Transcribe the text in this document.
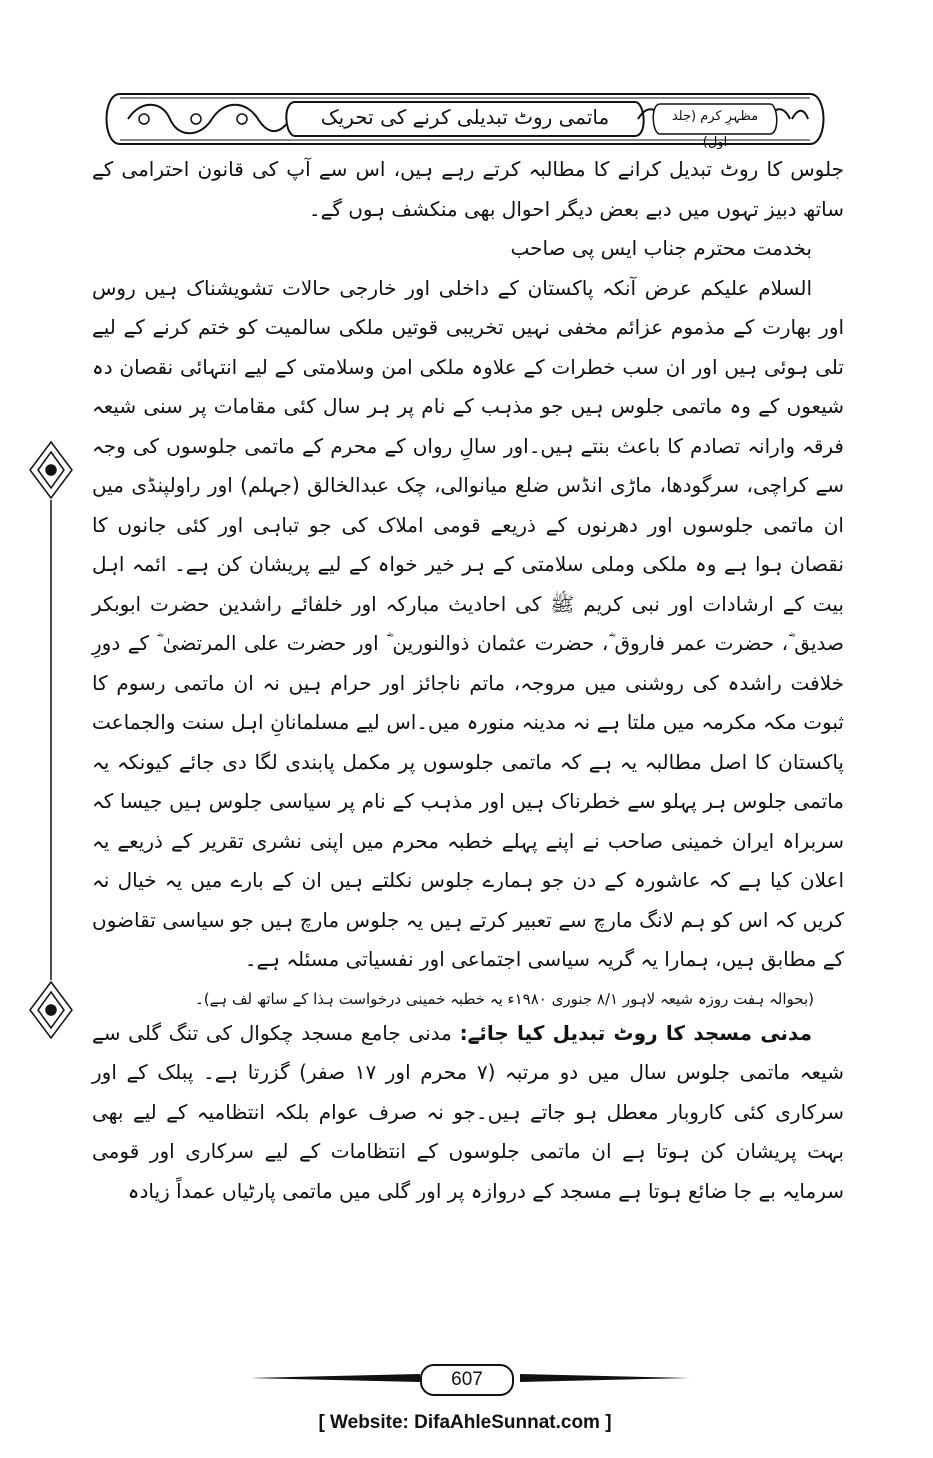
ماتمی روٹ تبدیلی کرنے کی تحریک	مظہرِ کرم (جلد اول)

جلوس کا روٹ تبدیل کرانے کا مطالبہ کرتے رہے ہیں، اس سے آپ کی قانون احترامی کے ساتھ دبیز تہوں میں دبے بعض دیگر احوال بھی منکشف ہوں گے۔

بخدمت محترم جناب ایس پی صاحب

السلام علیکم عرض آنکہ پاکستان کے داخلی اور خارجی حالات تشویشناک ہیں روس اور بھارت کے مذموم عزائم مخفی نہیں تخریبی قوتیں ملکی سالمیت کو ختم کرنے کے لیے تلی ہوئی ہیں اور ان سب خطرات کے علاوہ ملکی امن وسلامتی کے لیے انتہائی نقصان دہ شیعوں کے وہ ماتمی جلوس ہیں جو مذہب کے نام پر ہر سال کئی مقامات پر سنی شیعہ فرقہ وارانہ تصادم کا باعث بنتے ہیں۔اور سالِ رواں کے محرم کے ماتمی جلوسوں کی وجہ سے کراچی، سرگودھا، ماڑی انڈس ضلع میانوالی، چک عبدالخالق (جہلم) اور راولپنڈی میں ان ماتمی جلوسوں اور دھرنوں کے ذریعے قومی املاک کی جو تباہی اور کئی جانوں کا نقصان ہوا ہے وہ ملکی وملی سلامتی کے ہر خیر خواہ کے لیے پریشان کن ہے۔ ائمہ اہل بیت کے ارشادات اور نبی کریم ﷺ کی احادیث مبارکہ اور خلفائے راشدین حضرت ابوبکر صدیق ؓ، حضرت عمر فاروق ؓ، حضرت عثمان ذوالنورین ؓ اور حضرت علی المرتضیٰ ؓ کے دورِ خلافت راشدہ کی روشنی میں مروجہ، ماتم ناجائز اور حرام ہیں نہ ان ماتمی رسوم کا ثبوت مکہ مکرمہ میں ملتا ہے نہ مدینہ منورہ میں۔اس لیے مسلمانانِ اہل سنت والجماعت پاکستان کا اصل مطالبہ یہ ہے کہ ماتمی جلوسوں پر مکمل پابندی لگا دی جائے کیونکہ یہ ماتمی جلوس ہر پہلو سے خطرناک ہیں اور مذہب کے نام پر سیاسی جلوس ہیں جیسا کہ سربراہ ایران خمینی صاحب نے اپنے پہلے خطبہ محرم میں اپنی نشری تقریر کے ذریعے یہ اعلان کیا ہے کہ عاشورہ کے دن جو ہمارے جلوس نکلتے ہیں ان کے بارے میں یہ خیال نہ کریں کہ اس کو ہم لانگ مارچ سے تعبیر کرتے ہیں یہ جلوس مارچ ہیں جو سیاسی تقاضوں کے مطابق ہیں، ہمارا یہ گریہ سیاسی اجتماعی اور نفسیاتی مسئلہ ہے۔

(بحوالہ ہفت روزہ شیعہ لاہور ۸/۱ جنوری ۱۹۸۰ء یہ خطبہ خمینی درخواست ہذا کے ساتھ لف ہے)۔

مدنی مسجد کا روٹ تبدیل کیا جائے: مدنی جامع مسجد چکوال کی تنگ گلی سے شیعہ ماتمی جلوس سال میں دو مرتبہ (۷ محرم اور ۱۷ صفر) گزرتا ہے۔ پبلک کے اور سرکاری کئی کاروبار معطل ہو جاتے ہیں۔جو نہ صرف عوام بلکہ انتظامیہ کے لیے بھی بہت پریشان کن ہوتا ہے ان ماتمی جلوسوں کے انتظامات کے لیے سرکاری اور قومی سرمایہ بے جا ضائع ہوتا ہے مسجد کے دروازہ پر اور گلی میں ماتمی پارٹیاں عمداً زیادہ

607
[ Website: DifaAhleSunnat.com ]
